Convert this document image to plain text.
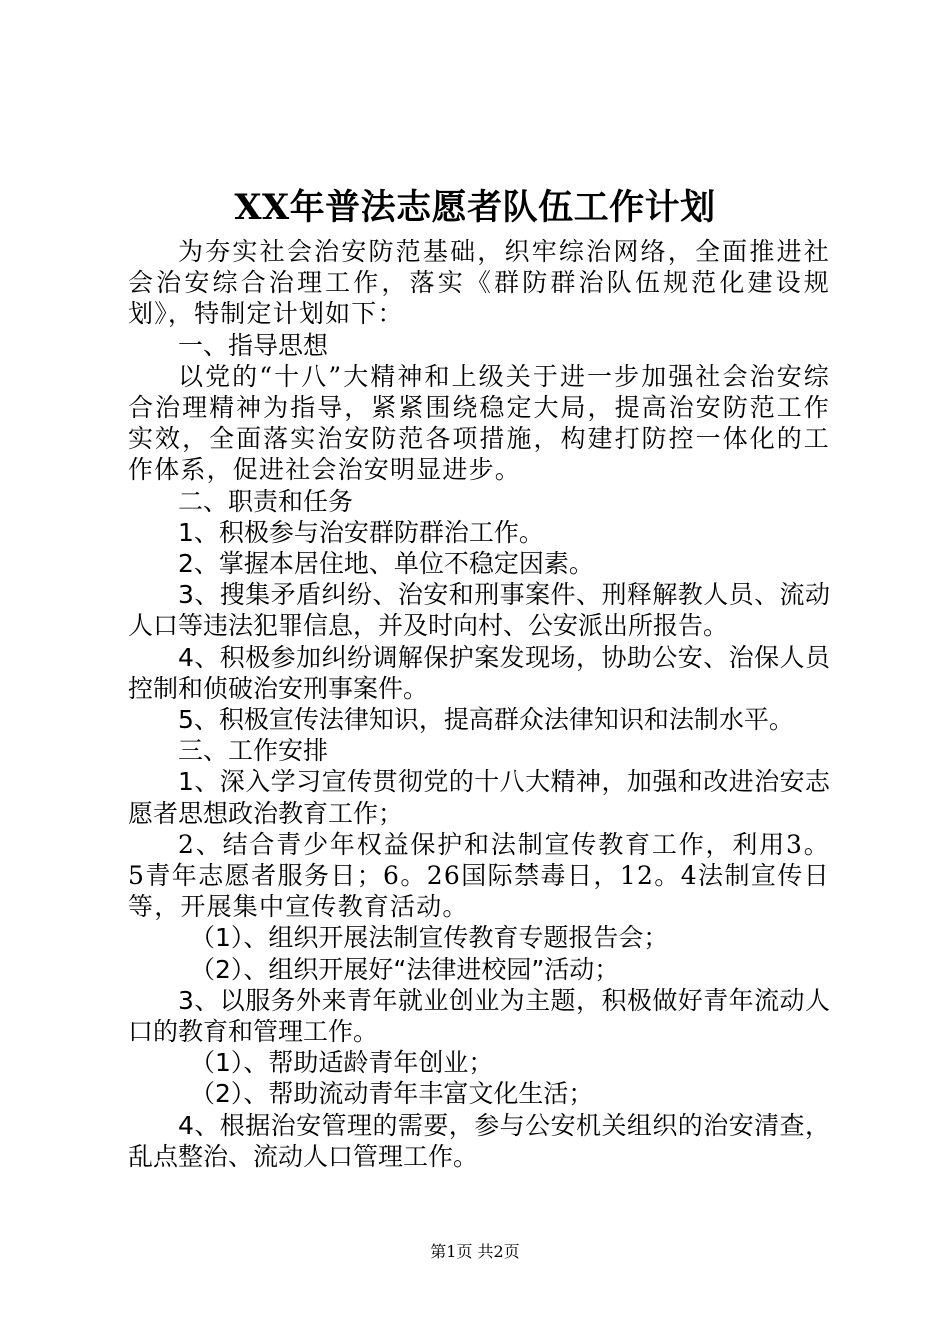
XX年普法志愿者队伍工作计划

为夯实社会治安防范基础，织牢综治网络，全面推进社会治安综合治理工作，落实《群防群治队伍规范化建设规划》，特制定计划如下：

一、指导思想

以党的“十八”大精神和上级关于进一步加强社会治安综合治理精神为指导，紧紧围绕稳定大局，提高治安防范工作实效，全面落实治安防范各项措施，构建打防控一体化的工作体系，促进社会治安明显进步。

二、职责和任务

1、积极参与治安群防群治工作。

2、掌握本居住地、单位不稳定因素。

3、搜集矛盾纠纷、治安和刑事案件、刑释解教人员、流动人口等违法犯罪信息，并及时向村、公安派出所报告。

4、积极参加纠纷调解保护案发现场，协助公安、治保人员控制和侦破治安刑事案件。

5、积极宣传法律知识，提高群众法律知识和法制水平。

三、工作安排

1、深入学习宣传贯彻党的十八大精神，加强和改进治安志愿者思想政治教育工作；

2、结合青少年权益保护和法制宣传教育工作，利用3。5青年志愿者服务日；6。26国际禁毒日，12。4法制宣传日等，开展集中宣传教育活动。

（1）、组织开展法制宣传教育专题报告会；

（2）、组织开展好“法律进校园”活动；

3、以服务外来青年就业创业为主题，积极做好青年流动人口的教育和管理工作。

（1）、帮助适龄青年创业；

（2）、帮助流动青年丰富文化生活；

4、根据治安管理的需要，参与公安机关组织的治安清查，乱点整治、流动人口管理工作。

第1页 共2页
